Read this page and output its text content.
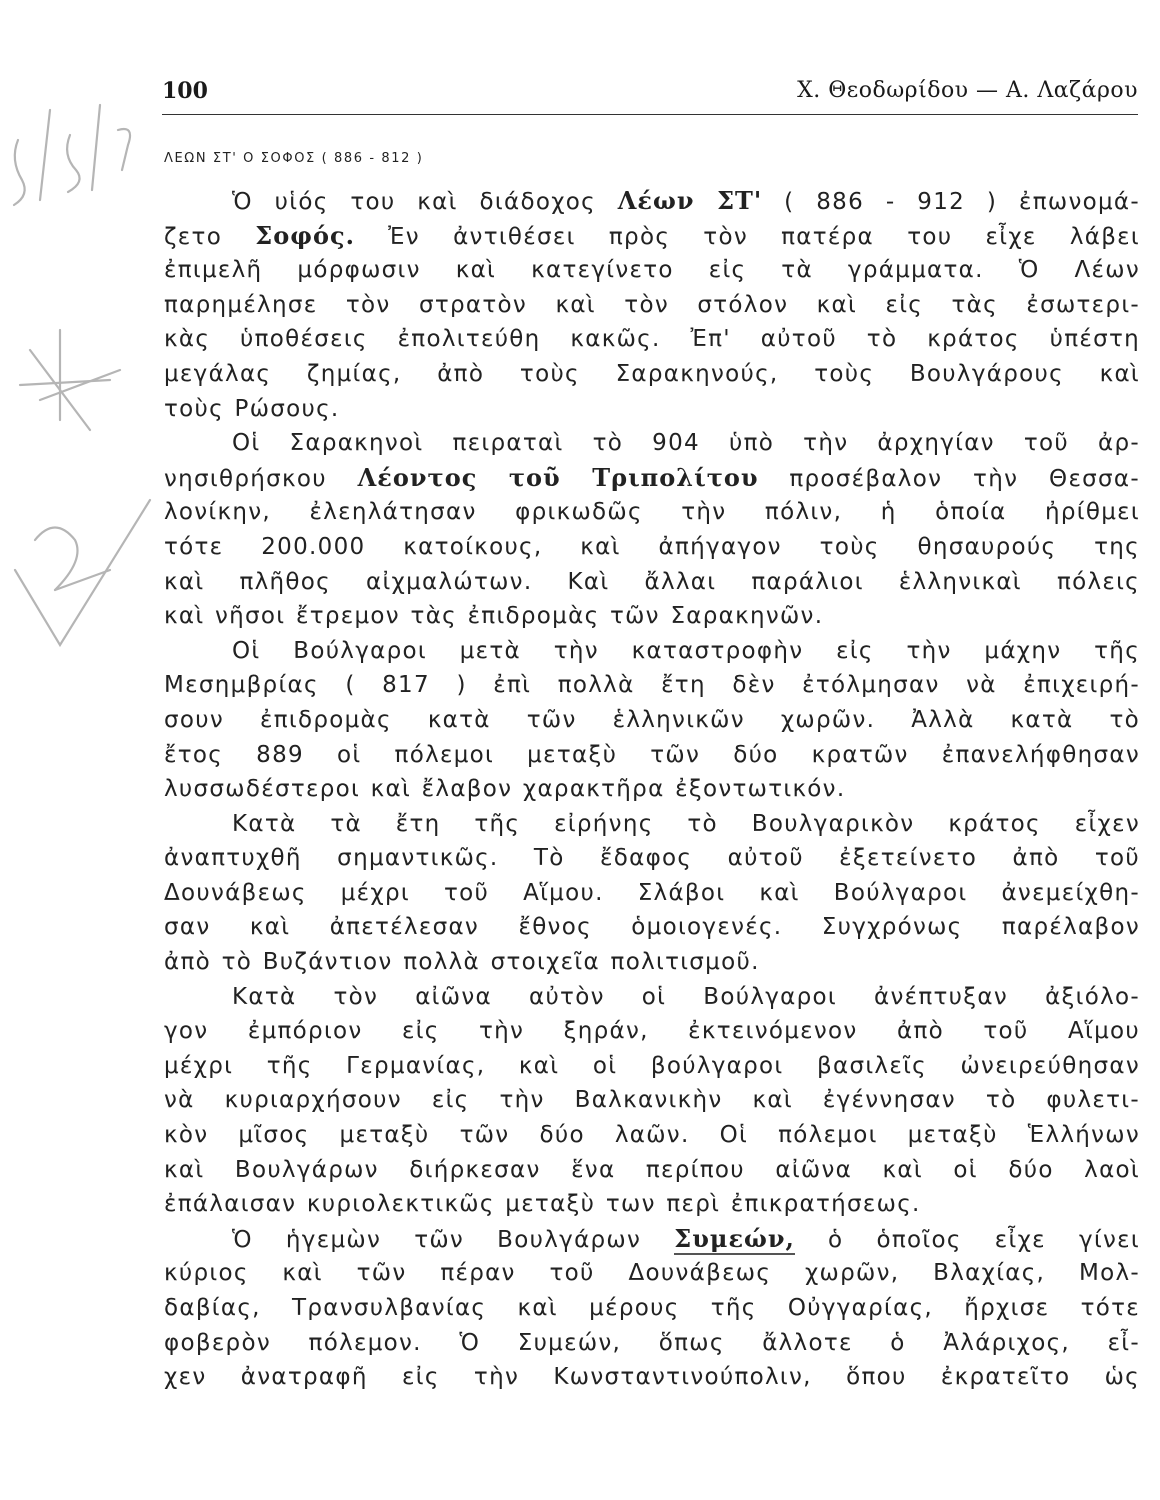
100	Χ. Θεοδωρίδου — Α. Λαζάρου
ΛΕΩΝ ΣΤ' Ο ΣΟΦΟΣ ( 886 - 812 )
Ὁ υἱός του καὶ διάδοχος Λέων ΣΤ' ( 886 - 912 ) ἐπωνομά-
ζετο Σοφός. Ἐν ἀντιθέσει πρὸς τὸν πατέρα του εἶχε λάβει
ἐπιμελῆ μόρφωσιν καὶ κατεγίνετο εἰς τὰ γράμματα. Ὁ Λέων
παρημέλησε τὸν στρατὸν καὶ τὸν στόλον καὶ εἰς τὰς ἐσωτερι-
κὰς ὑποθέσεις ἐπολιτεύθη κακῶς. Ἐπ' αὐτοῦ τὸ κράτος ὑπέστη
μεγάλας ζημίας, ἀπὸ τοὺς Σαρακηνούς, τοὺς Βουλγάρους καὶ
τοὺς Ρώσους.
Οἱ Σαρακηνοὶ πειραταὶ τὸ 904 ὑπὸ τὴν ἀρχηγίαν τοῦ ἀρ-
νησιθρήσκου Λέοντος τοῦ Τριπολίτου προσέβαλον τὴν Θεσσα-
λονίκην, ἐλεηλάτησαν φρικωδῶς τὴν πόλιν, ἡ ὁποία ἠρίθμει
τότε 200.000 κατοίκους, καὶ ἀπήγαγον τοὺς θησαυρούς της
καὶ πλῆθος αἰχμαλώτων. Καὶ ἄλλαι παράλιοι ἑλληνικαὶ πόλεις
καὶ νῆσοι ἔτρεμον τὰς ἐπιδρομὰς τῶν Σαρακηνῶν.
Οἱ Βούλγαροι μετὰ τὴν καταστροφὴν εἰς τὴν μάχην τῆς
Μεσημβρίας ( 817 ) ἐπὶ πολλὰ ἔτη δὲν ἐτόλμησαν νὰ ἐπιχειρή-
σουν ἐπιδρομὰς κατὰ τῶν ἑλληνικῶν χωρῶν. Ἀλλὰ κατὰ τὸ
ἔτος 889 οἱ πόλεμοι μεταξὺ τῶν δύο κρατῶν ἐπανελήφθησαν
λυσσωδέστεροι καὶ ἔλαβον χαρακτῆρα ἐξοντωτικόν.
Κατὰ τὰ ἔτη τῆς εἰρήνης τὸ Βουλγαρικὸν κράτος εἶχεν
ἀναπτυχθῆ σημαντικῶς. Τὸ ἔδαφος αὐτοῦ ἐξετείνετο ἀπὸ τοῦ
Δουνάβεως μέχρι τοῦ Αἵμου. Σλάβοι καὶ Βούλγαροι ἀνεμείχθη-
σαν καὶ ἀπετέλεσαν ἔθνος ὁμοιογενές. Συγχρόνως παρέλαβον
ἀπὸ τὸ Βυζάντιον πολλὰ στοιχεῖα πολιτισμοῦ.
Κατὰ τὸν αἰῶνα αὐτὸν οἱ Βούλγαροι ἀνέπτυξαν ἀξιόλο-
γον ἐμπόριον εἰς τὴν ξηράν, ἐκτεινόμενον ἀπὸ τοῦ Αἵμου
μέχρι τῆς Γερμανίας, καὶ οἱ βούλγαροι βασιλεῖς ὠνειρεύθησαν
νὰ κυριαρχήσουν εἰς τὴν Βαλκανικὴν καὶ ἐγέννησαν τὸ φυλετι-
κὸν μῖσος μεταξὺ τῶν δύο λαῶν. Οἱ πόλεμοι μεταξὺ Ἑλλήνων
καὶ Βουλγάρων διήρκεσαν ἕνα περίπου αἰῶνα καὶ οἱ δύο λαοὶ
ἐπάλαισαν κυριολεκτικῶς μεταξὺ των περὶ ἐπικρατήσεως.
Ὁ ἡγεμὼν τῶν Βουλγάρων Συμεών, ὁ ὁποῖος εἶχε γίνει
κύριος καὶ τῶν πέραν τοῦ Δουνάβεως χωρῶν, Βλαχίας, Μολ-
δαβίας, Τρανσυλβανίας καὶ μέρους τῆς Οὐγγαρίας, ἤρχισε τότε
φοβερὸν πόλεμον. Ὁ Συμεών, ὅπως ἄλλοτε ὁ Ἀλάριχος, εἶ-
χεν ἀνατραφῆ εἰς τὴν Κωνσταντινούπολιν, ὅπου ἐκρατεῖτο ὡς
